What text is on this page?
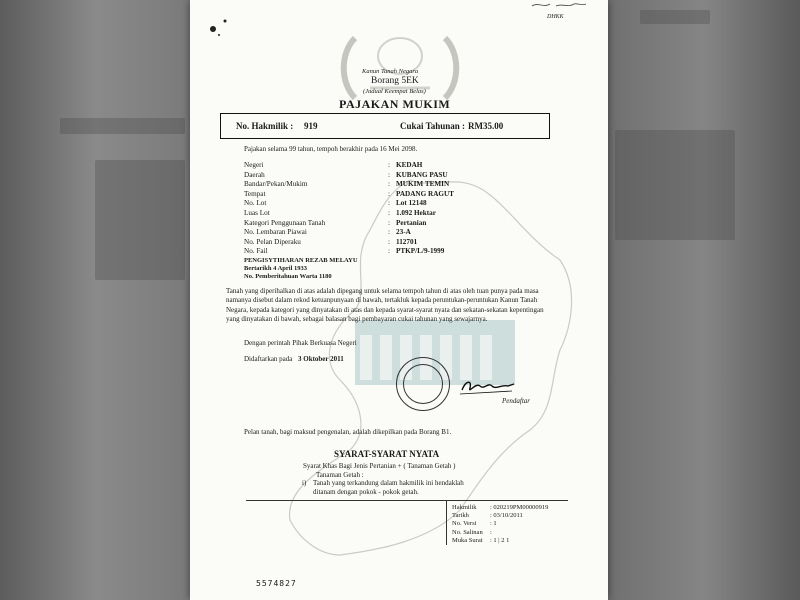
DHKK
Kanun Tanah Negara
Borang 5EK
(Jadual Keempat Belas)
PAJAKAN MUKIM
No. Hakmilik : 919	Cukai Tahunan : RM35.00
Pajakan selama 99 tahun, tempoh berakhir pada 16 Mei 2098.
Negeri	: KEDAH
Daerah	: KUBANG PASU
Bandar/Pekan/Mukim	: MUKIM TEMIN
Tempat	: PADANG RAGUT
No. Lot	: Lot 12148
Luas Lot	: 1.092 Hektar
Kategori Penggunaan Tanah	: Pertanian
No. Lembaran Piawai	: 23-A
No. Pelan Diperaku	: 112701
No. Fail	: PTKP/L/9-1999
PENGISYTIHARAN REZAB MELAYU
Bertarikh 4 April 1933
No. Pemberitahuan Warta 1180
Tanah yang diperihalkan di atas adalah dipegang untuk selama tempoh tahun di atas oleh tuan punya pada masa namanya disebut dalam rekod ketuanpunyaan di bawah, tertakluk kepada peruntukan-peruntukan Kanun Tanah Negara, kepada kategori yang dinyatakan di atas dan kepada syarat-syarat nyata dan sekatan-sekatan kepentingan yang dinyatakan di bawah, sebagai balasan bagi pembayaran cukai tahunan yang sewajarnya.
Dengan perintah Pihak Berkuasa Negeri
Didaftarkan pada 3 Oktober 2011
Pendaftar
Pelan tanah, bagi maksud pengenalan, adalah dikepilkan pada Borang B1.
SYARAT-SYARAT NYATA
Syarat Khas Bagi Jenis Pertanian + ( Tanaman Getah )
Tanaman Getah :
i) Tanah yang terkandung dalam hakmilik ini hendaklah
ditanam dengan pokok - pokok getah.
Hakmilik : 020219PM00000919
Tarikh	: 03/10/2011
No. Versi : 1
No. Salinan :
Muka Surat : 1 | 2 1
5574827
